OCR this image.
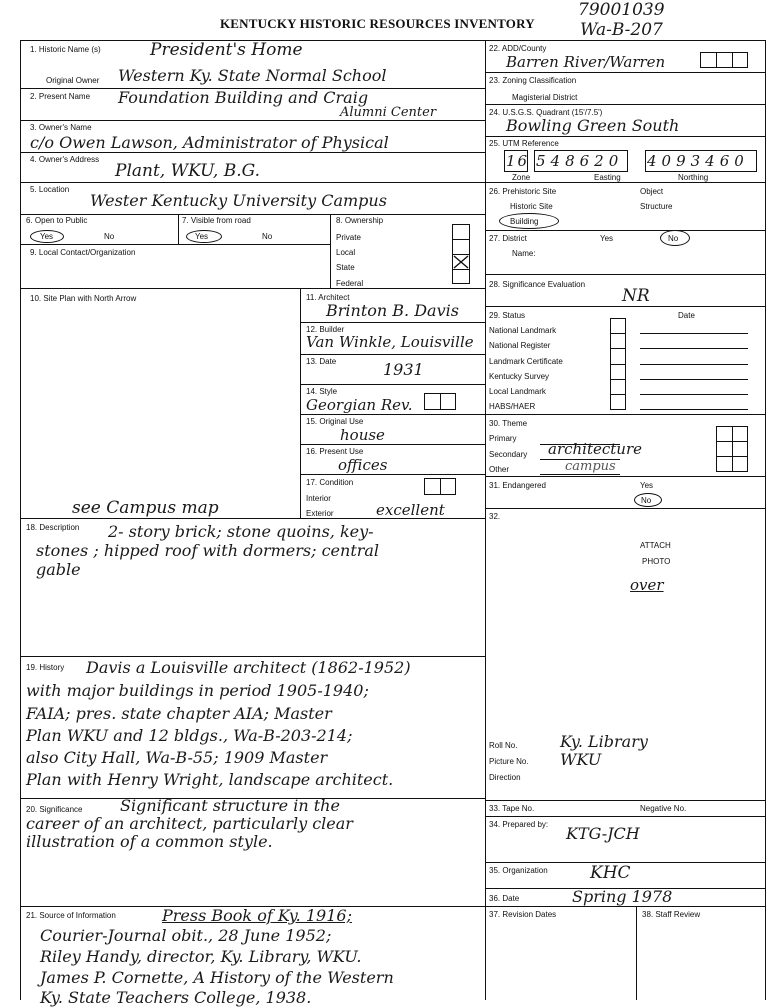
KENTUCKY HISTORIC RESOURCES INVENTORY
79001039
Wa-B-207
1. Historic Name (s)	President's Home
Original Owner Western Ky. State Normal School
2. Present Name Foundation Building and Craig
Alumni Center
3. Owner's Name
c/o Owen Lawson, Administrator of Physical
4. Owner's Address
Plant, WKU, B.G.
5. Location
Wester Kentucky University Campus
6. Open to Public
Yes	No
7. Visible from road
Yes	No
8. Ownership
Private
Local
State
Federal
9. Local Contact/Organization
10. Site Plan with North Arrow
see Campus map
11. Architect
Brinton B. Davis
12. Builder
Van Winkle, Louisville
13. Date	1931
14. Style
Georgian Rev.
15. Original Use
house
16. Present Use
offices
17. Condition
Interior
Exterior	excellent
18. Description 2- story brick; stone quoins, key-
stones ; hipped roof with dormers; central
gable
19. History Davis a Louisville architect (1862-1952)
with major buildings in period 1905-1940;
FAIA; pres. state chapter AIA; Master
Plan WKU and 12 bldgs., Wa-B-203-214;
also City Hall, Wa-B-55; 1909 Master
Plan with Henry Wright, landscape architect.
20. Significance Significant structure in the
career of an architect, particularly clear
illustration of a common style.
21. Source of Information	Press Book of Ky. 1916;
Courier-Journal obit., 28 June 1952;
Riley Handy, director, Ky. Library, WKU.
James P. Cornette, A History of the Western
Ky. State Teachers College, 1938.
22. ADD/County
Barren River/Warren
23. Zoning Classification
Magisterial District
24. U.S.G.S. Quadrant (15'/7.5')
Bowling Green South
25. UTM Reference
16 548620 4093460
Zone	Easting	Northing
26. Prehistoric Site	Object
Historic Site	Structure
Building
27. District	Yes	No
Name:
28. Significance Evaluation
NR
29. Status	Date
National Landmark
National Register
Landmark Certificate
Kentucky Survey
Local Landmark
HABS/HAER
30. Theme
Primary
Secondary
Other
architecture
campus
31. Endangered	Yes
No
32.
ATTACH
PHOTO
over
Roll No.	Ky. Library
Picture No. WKU
Direction
33. Tape No.	Negative No.
34. Prepared by: KTG-JCH
35. Organization KHC
36. Date	Spring 1978
37. Revision Dates	38. Staff Review
